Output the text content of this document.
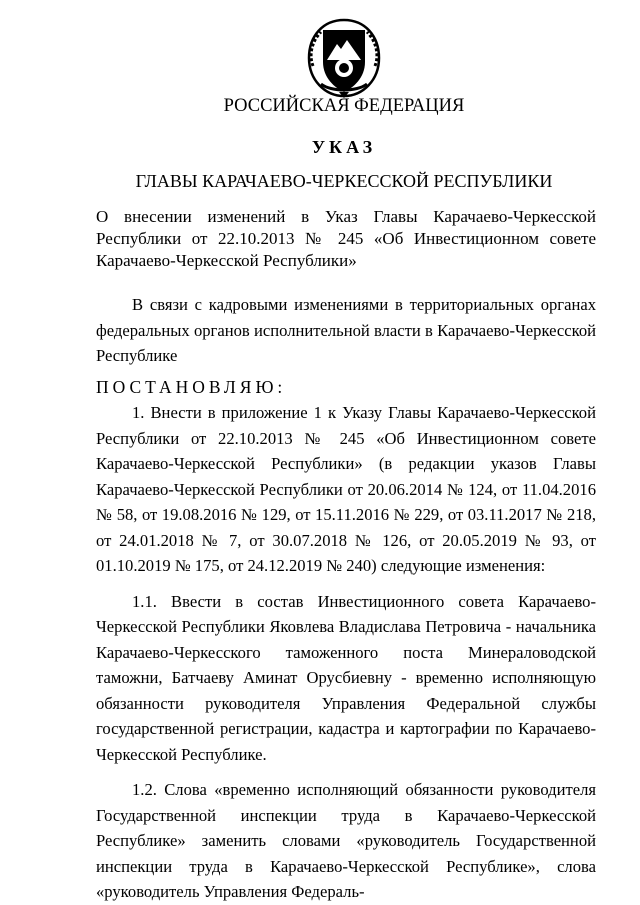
РОССИЙСКАЯ ФЕДЕРАЦИЯ
УКАЗ
ГЛАВЫ КАРАЧАЕВО-ЧЕРКЕССКОЙ РЕСПУБЛИКИ
О внесении изменений в Указ Главы Карачаево-Черкесской Республики от 22.10.2013 № 245 «Об Инвестиционном совете Карачаево-Черкесской Республики»

В связи с кадровыми изменениями в территориальных органах федеральных органов исполнительной власти в Карачаево-Черкесской Республике

ПОСТАНОВЛЯЮ:

1. Внести в приложение 1 к Указу Главы Карачаево-Черкесской Республики от 22.10.2013 № 245 «Об Инвестиционном совете Карачаево-Черкесской Республики» (в редакции указов Главы Карачаево-Черкесской Республики от 20.06.2014 № 124, от 11.04.2016 № 58, от 19.08.2016 № 129, от 15.11.2016 № 229, от 03.11.2017 № 218, от 24.01.2018 № 7, от 30.07.2018 № 126, от 20.05.2019 № 93, от 01.10.2019 № 175, от 24.12.2019 № 240) следующие изменения:

1.1. Ввести в состав Инвестиционного совета Карачаево-Черкесской Республики Яковлева Владислава Петровича - начальника Карачаево-Черкесского таможенного поста Минераловодской таможни, Батчаеву Аминат Орусбиевну - временно исполняющую обязанности руководителя Управления Федеральной службы государственной регистрации, кадастра и картографии по Карачаево-Черкесской Республике.

1.2. Слова «временно исполняющий обязанности руководителя Государственной инспекции труда в Карачаево-Черкесской Республике» заменить словами «руководитель Государственной инспекции труда в Карачаево-Черкесской Республике», слова «руководитель Управления Федераль-
